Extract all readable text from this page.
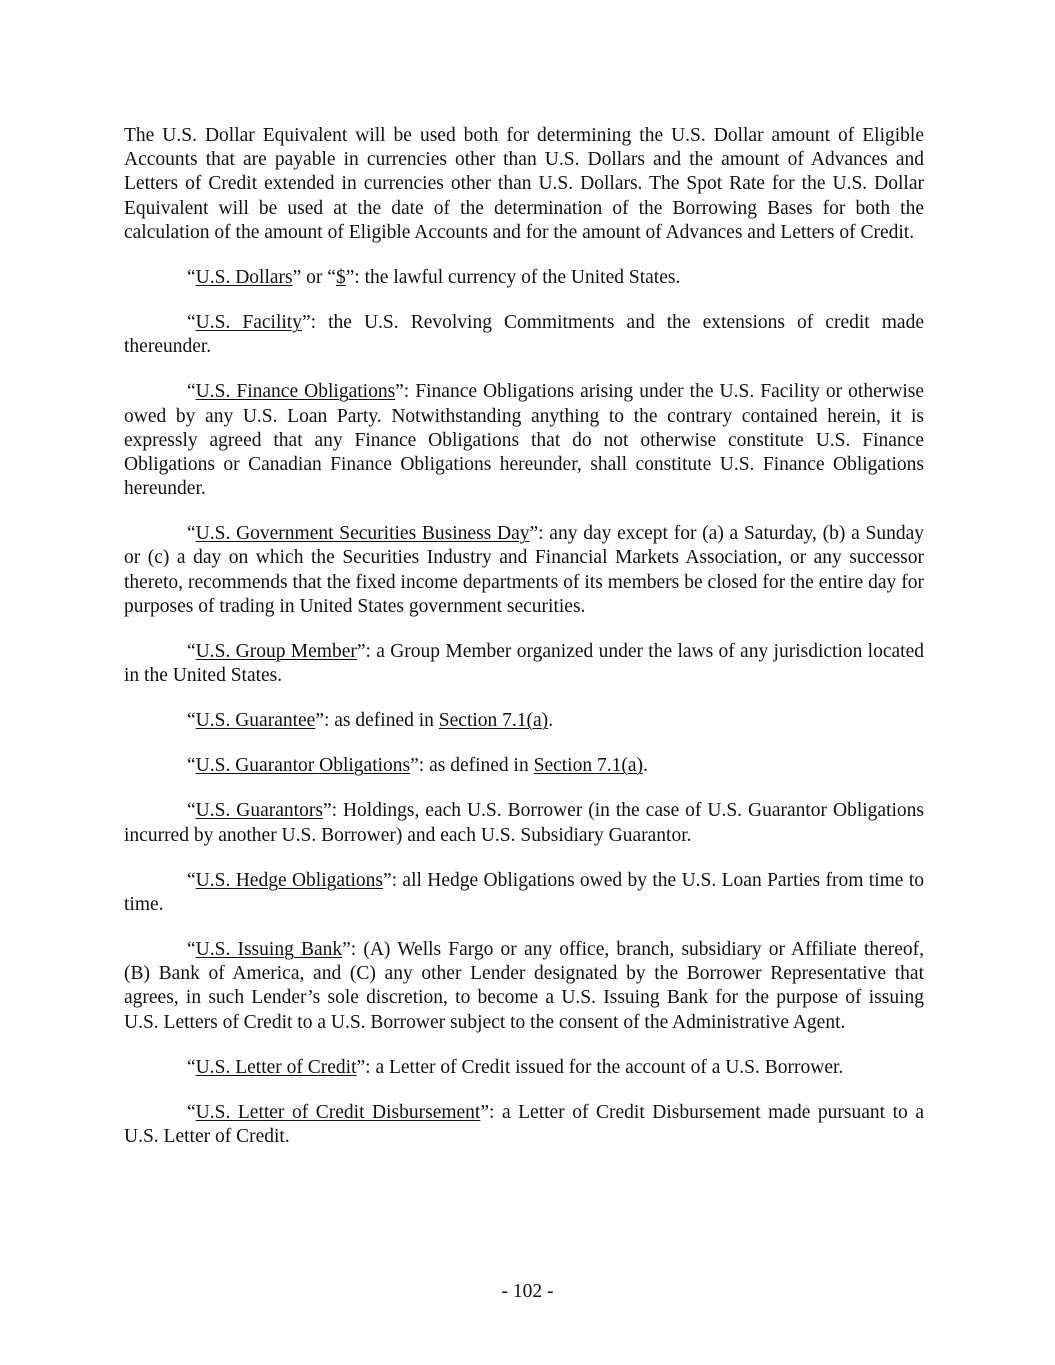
The U.S. Dollar Equivalent will be used both for determining the U.S. Dollar amount of Eligible Accounts that are payable in currencies other than U.S. Dollars and the amount of Advances and Letters of Credit extended in currencies other than U.S. Dollars. The Spot Rate for the U.S. Dollar Equivalent will be used at the date of the determination of the Borrowing Bases for both the calculation of the amount of Eligible Accounts and for the amount of Advances and Letters of Credit.

“U.S. Dollars” or “$”: the lawful currency of the United States.

“U.S. Facility”: the U.S. Revolving Commitments and the extensions of credit made thereunder.

“U.S. Finance Obligations”: Finance Obligations arising under the U.S. Facility or otherwise owed by any U.S. Loan Party. Notwithstanding anything to the contrary contained herein, it is expressly agreed that any Finance Obligations that do not otherwise constitute U.S. Finance Obligations or Canadian Finance Obligations hereunder, shall constitute U.S. Finance Obligations hereunder.

“U.S. Government Securities Business Day”: any day except for (a) a Saturday, (b) a Sunday or (c) a day on which the Securities Industry and Financial Markets Association, or any successor thereto, recommends that the fixed income departments of its members be closed for the entire day for purposes of trading in United States government securities.

“U.S. Group Member”: a Group Member organized under the laws of any jurisdiction located in the United States.

“U.S. Guarantee”: as defined in Section 7.1(a).

“U.S. Guarantor Obligations”: as defined in Section 7.1(a).

“U.S. Guarantors”: Holdings, each U.S. Borrower (in the case of U.S. Guarantor Obligations incurred by another U.S. Borrower) and each U.S. Subsidiary Guarantor.

“U.S. Hedge Obligations”: all Hedge Obligations owed by the U.S. Loan Parties from time to time.

“U.S. Issuing Bank”: (A) Wells Fargo or any office, branch, subsidiary or Affiliate thereof, (B) Bank of America, and (C) any other Lender designated by the Borrower Representative that agrees, in such Lender’s sole discretion, to become a U.S. Issuing Bank for the purpose of issuing U.S. Letters of Credit to a U.S. Borrower subject to the consent of the Administrative Agent.

“U.S. Letter of Credit”: a Letter of Credit issued for the account of a U.S. Borrower.

“U.S. Letter of Credit Disbursement”: a Letter of Credit Disbursement made pursuant to a U.S. Letter of Credit.

- 102 -
